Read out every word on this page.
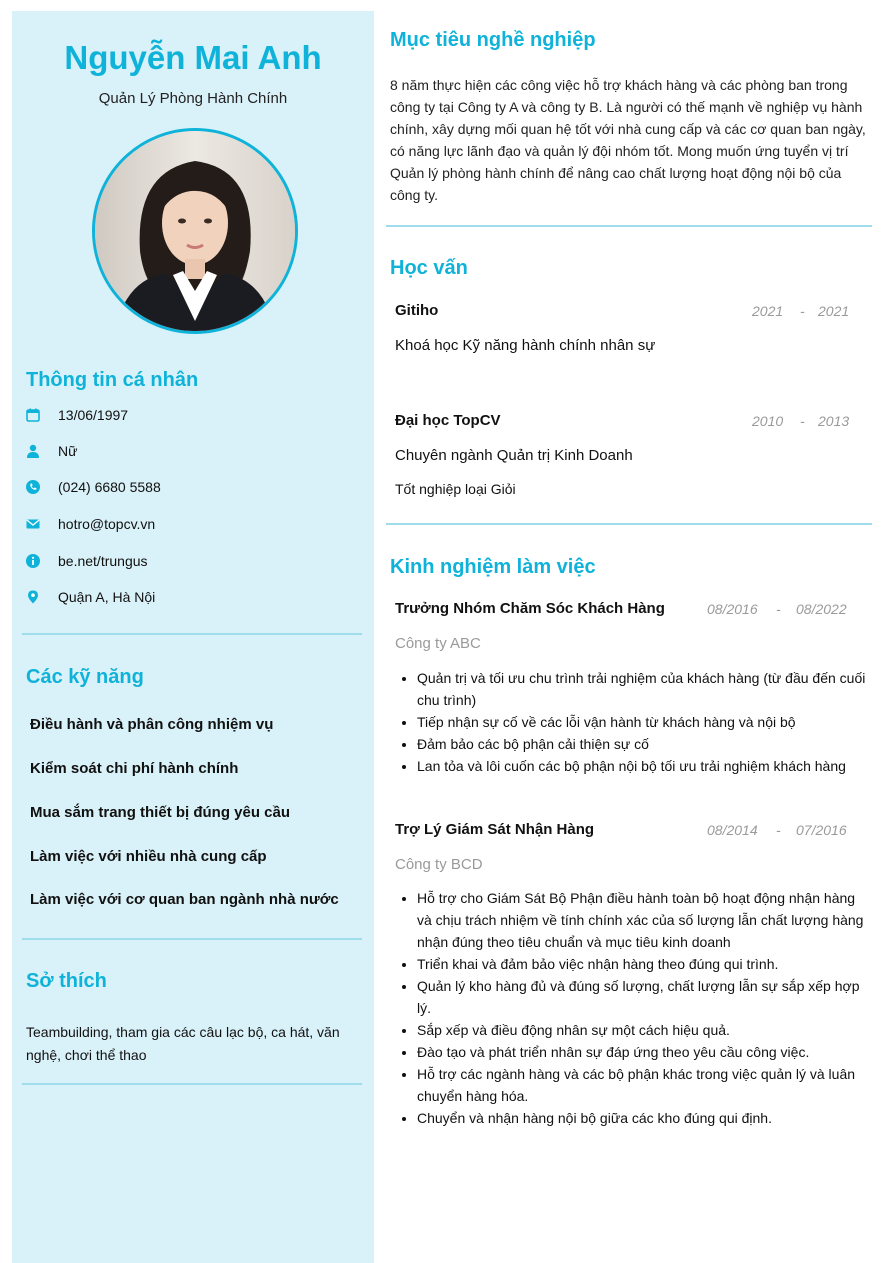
Nguyễn Mai Anh
Quản Lý Phòng Hành Chính
Thông tin cá nhân
13/06/1997
Nữ
(024) 6680 5588
hotro@topcv.vn
be.net/trungus
Quận A, Hà Nội
Các kỹ năng
Điều hành và phân công nhiệm vụ
Kiểm soát chi phí hành chính
Mua sắm trang thiết bị đúng yêu cầu
Làm việc với nhiều nhà cung cấp
Làm việc với cơ quan ban ngành nhà nước
Sở thích
Teambuilding, tham gia các câu lạc bộ, ca hát, văn nghệ, chơi thể thao
Mục tiêu nghề nghiệp
8 năm thực hiện các công việc hỗ trợ khách hàng và các phòng ban trong công ty tại Công ty A và công ty B. Là người có thế mạnh về nghiệp vụ hành chính, xây dựng mối quan hệ tốt với nhà cung cấp và các cơ quan ban ngày, có năng lực lãnh đạo và quản lý đội nhóm tốt. Mong muốn ứng tuyển vị trí Quản lý phòng hành chính để nâng cao chất lượng hoạt động nội bộ của công ty.
Học vấn
Gitiho	2021 - 2021
Khoá học Kỹ năng hành chính nhân sự
Đại học TopCV	2010 - 2013
Chuyên ngành Quản trị Kinh Doanh
Tốt nghiệp loại Giỏi
Kinh nghiệm làm việc
Trưởng Nhóm Chăm Sóc Khách Hàng	08/2016 - 08/2022
Công ty ABC
• Quản trị và tối ưu chu trình trải nghiệm của khách hàng (từ đầu đến cuối chu trình)
• Tiếp nhận sự cố về các lỗi vận hành từ khách hàng và nội bộ
• Đảm bảo các bộ phận cải thiện sự cố
• Lan tỏa và lôi cuốn các bộ phận nội bộ tối ưu trải nghiệm khách hàng
Trợ Lý Giám Sát Nhận Hàng	08/2014 - 07/2016
Công ty BCD
• Hỗ trợ cho Giám Sát Bộ Phận điều hành toàn bộ hoạt động nhận hàng và chịu trách nhiệm về tính chính xác của số lượng lẫn chất lượng hàng nhận đúng theo tiêu chuẩn và mục tiêu kinh doanh
• Triển khai và đảm bảo việc nhận hàng theo đúng qui trình.
• Quản lý kho hàng đủ và đúng số lượng, chất lượng lẫn sự sắp xếp hợp lý.
• Sắp xếp và điều động nhân sự một cách hiệu quả.
• Đào tạo và phát triển nhân sự đáp ứng theo yêu cầu công việc.
• Hỗ trợ các ngành hàng và các bộ phận khác trong việc quản lý và luân chuyển hàng hóa.
• Chuyển và nhận hàng nội bộ giữa các kho đúng qui định.
